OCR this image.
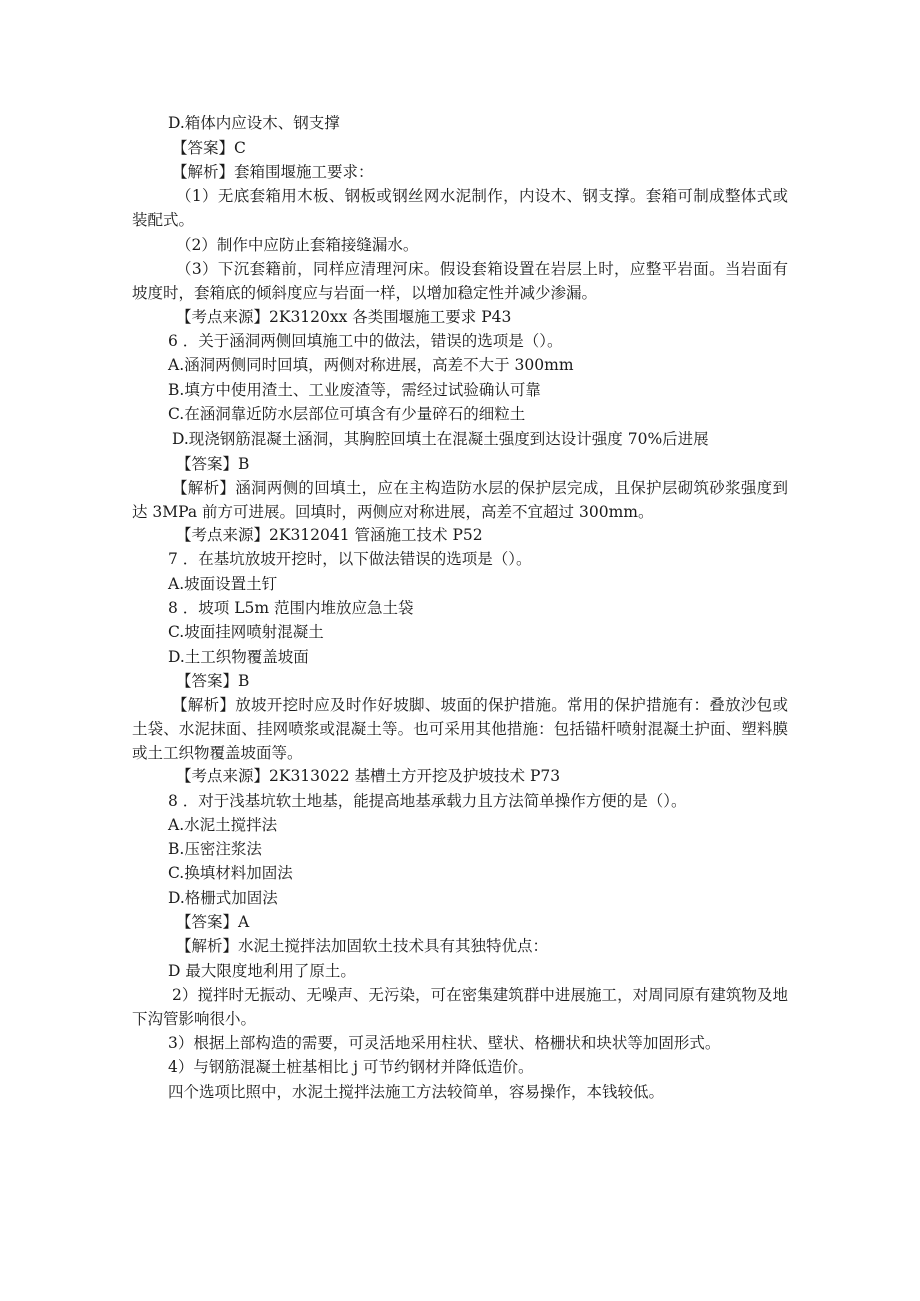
D.箱体内应设木、钢支撑
【答案】C
【解析】套箱围堰施工要求：
（1）无底套箱用木板、钢板或钢丝网水泥制作，内设木、钢支撑。套箱可制成整体式或装配式。
（2）制作中应防止套箱接缝漏水。
（3）下沉套籍前，同样应清理河床。假设套箱设置在岩层上时，应整平岩面。当岩面有坡度时，套箱底的倾斜度应与岩面一样，以增加稳定性并减少渗漏。
【考点来源】2K3120xx 各类围堰施工要求 P43
6 ．关于涵洞两侧回填施工中的做法，错误的选项是（）。
A.涵洞两侧同时回填，两侧对称进展，高差不大于 300mm
B.填方中使用渣土、工业废渣等，需经过试验确认可靠
C.在涵洞靠近防水层部位可填含有少量碎石的细粒土
D.现浇钢筋混凝土涵洞，其胸腔回填土在混凝土强度到达设计强度 70%后进展
【答案】B
【解析】涵洞两侧的回填土，应在主构造防水层的保护层完成，且保护层砌筑砂浆强度到达 3MPa 前方可进展。回填时，两侧应对称进展，高差不宜超过 300mm。
【考点来源】2K312041 管涵施工技术 P52
7 ．在基坑放坡开挖时，以下做法错误的选项是（）。
A.坡面设置土钉
8 ．坡项 L5m 范围内堆放应急土袋
C.坡面挂网喷射混凝土
D.土工织物覆盖坡面
【答案】B
【解析】放坡开挖时应及时作好坡脚、坡面的保护措施。常用的保护措施有：叠放沙包或土袋、水泥抹面、挂网喷浆或混凝土等。也可采用其他措施：包括锚杆喷射混凝土护面、塑料膜或土工织物覆盖坡面等。
【考点来源】2K313022 基槽土方开挖及护坡技术 P73
8 ．对于浅基坑软土地基，能提高地基承载力且方法简单操作方便的是（）。
A.水泥土搅拌法
B.压密注浆法
C.换填材料加固法
D.格栅式加固法
【答案】A
【解析】水泥土搅拌法加固软土技术具有其独特优点：
D 最大限度地利用了原土。
2）搅拌时无振动、无噪声、无污染，可在密集建筑群中进展施工，对周同原有建筑物及地下沟管影响很小。
3）根据上部构造的需要，可灵活地采用柱状、壁状、格栅状和块状等加固形式。
4）与钢筋混凝土桩基相比 j 可节约钢材并降低造价。
四个选项比照中，水泥土搅拌法施工方法较简单，容易操作，本钱较低。
